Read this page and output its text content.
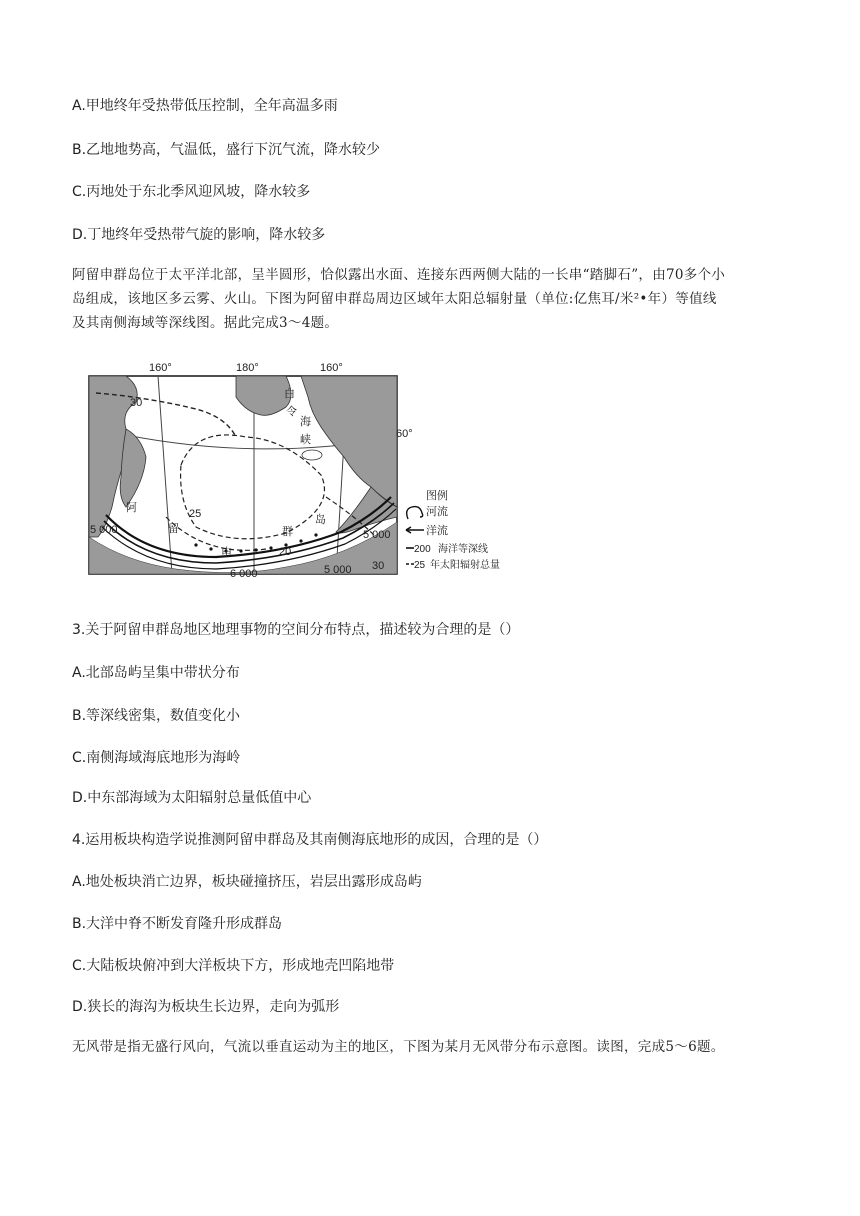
A.甲地终年受热带低压控制，全年高温多雨
B.乙地地势高，气温低，盛行下沉气流，降水较少
C.丙地处于东北季风迎风坡，降水较多
D.丁地终年受热带气旋的影响，降水较多
阿留申群岛位于太平洋北部，呈半圆形，恰似露出水面、连接东西两侧大陆的一长串“踏脚石”，由70多个小
岛组成，该地区多云雾、火山。下图为阿留申群岛周边区域年太阳总辐射量（单位:亿焦耳/米²•年）等值线
及其南侧海域等深线图。据此完成3～4题。
160°	180°	160°
60°
白
令
海
峡
阿
留
申
群
岛
30
25
20
30
5 000	5 000
6 000	5 000
图例
河流
洋流
200 海洋等深线
25 年太阳辐射总量
3.关于阿留申群岛地区地理事物的空间分布特点，描述较为合理的是（）
A.北部岛屿呈集中带状分布
B.等深线密集，数值变化小
C.南侧海域海底地形为海岭
D.中东部海域为太阳辐射总量低值中心
4.运用板块构造学说推测阿留申群岛及其南侧海底地形的成因，合理的是（）
A.地处板块消亡边界，板块碰撞挤压，岩层出露形成岛屿
B.大洋中脊不断发育隆升形成群岛
C.大陆板块俯冲到大洋板块下方，形成地壳凹陷地带
D.狭长的海沟为板块生长边界，走向为弧形
无风带是指无盛行风向，气流以垂直运动为主的地区，下图为某月无风带分布示意图。读图，完成5～6题。
